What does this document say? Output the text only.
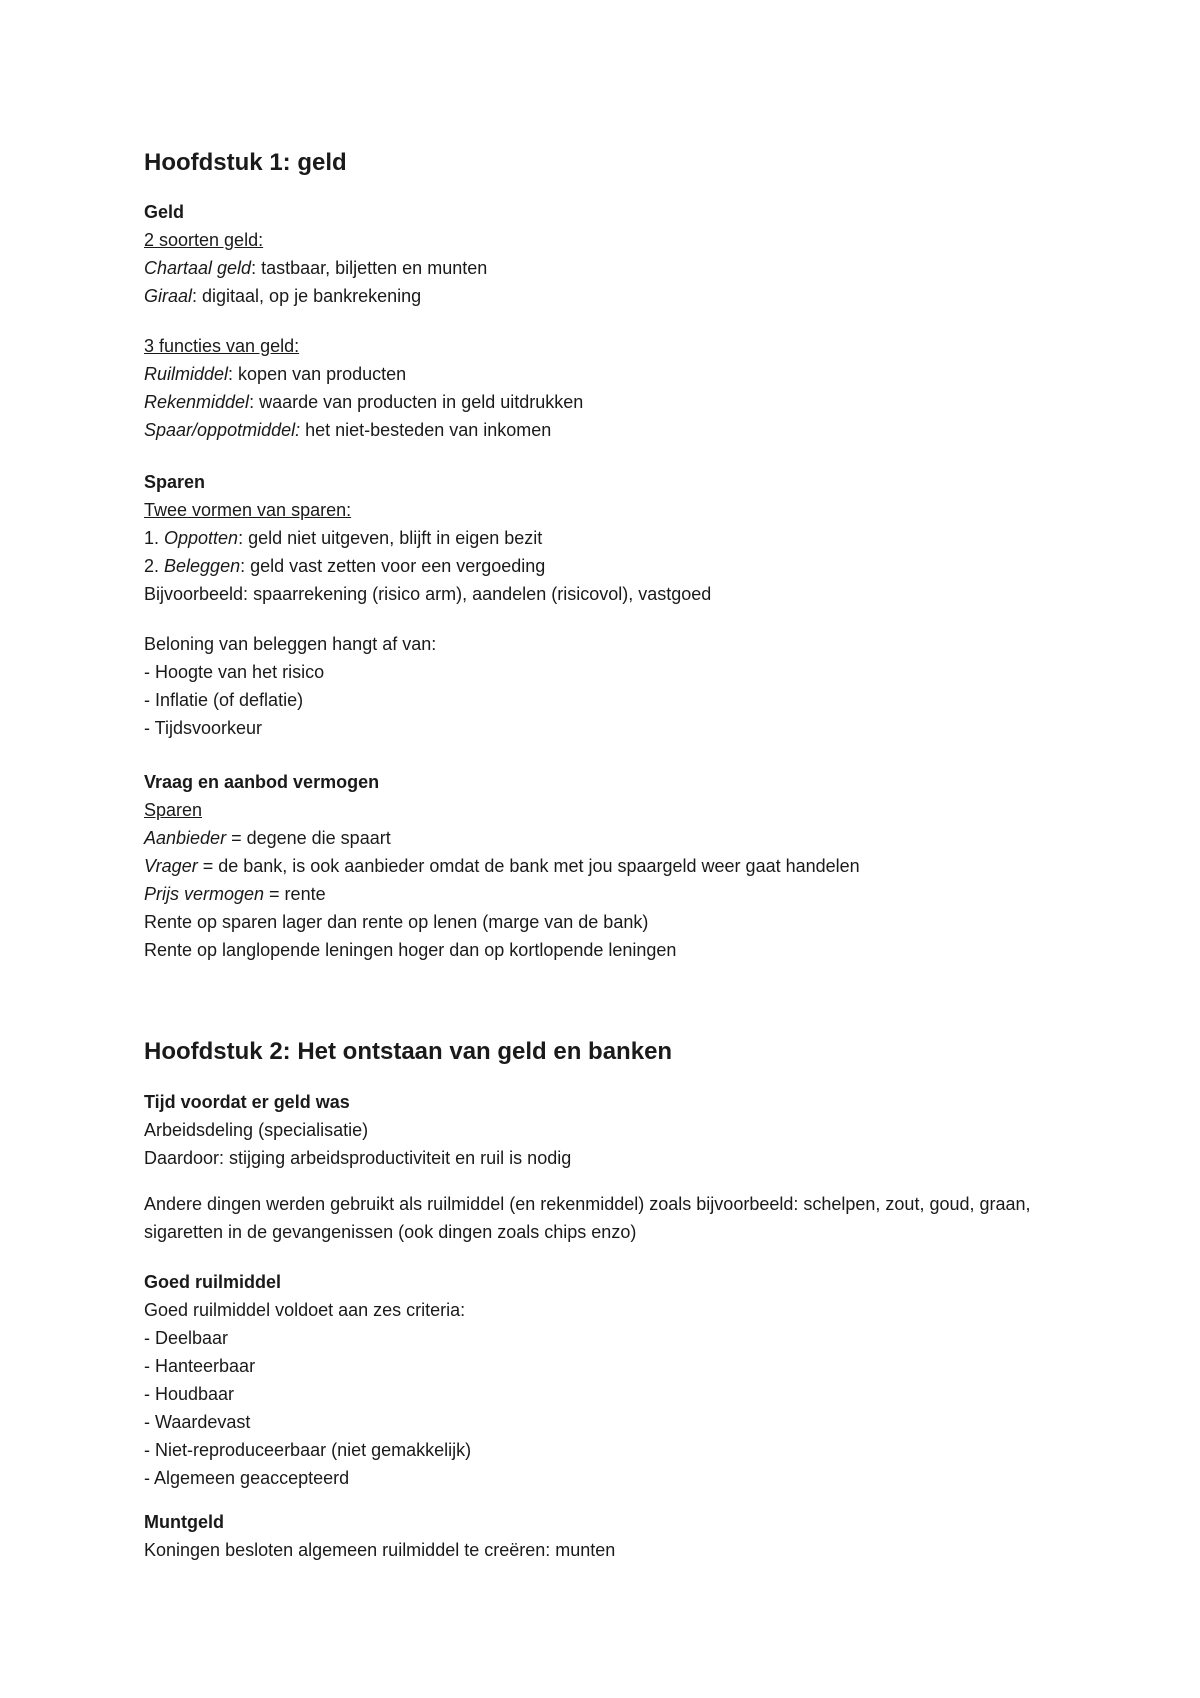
Hoofdstuk 1: geld
Geld
2 soorten geld:
Chartaal geld: tastbaar, biljetten en munten
Giraal: digitaal, op je bankrekening
3 functies van geld:
Ruilmiddel: kopen van producten
Rekenmiddel: waarde van producten in geld uitdrukken
Spaar/oppotmiddel: het niet-besteden van inkomen
Sparen
Twee vormen van sparen:
1. Oppotten: geld niet uitgeven, blijft in eigen bezit
2. Beleggen: geld vast zetten voor een vergoeding
Bijvoorbeeld: spaarrekening (risico arm), aandelen (risicovol), vastgoed
Beloning van beleggen hangt af van:
- Hoogte van het risico
- Inflatie (of deflatie)
- Tijdsvoorkeur
Vraag en aanbod vermogen
Sparen
Aanbieder = degene die spaart
Vrager = de bank, is ook aanbieder omdat de bank met jou spaargeld weer gaat handelen
Prijs vermogen = rente
Rente op sparen lager dan rente op lenen (marge van de bank)
Rente op langlopende leningen hoger dan op kortlopende leningen
Hoofdstuk 2: Het ontstaan van geld en banken
Tijd voordat er geld was
Arbeidsdeling (specialisatie)
Daardoor: stijging arbeidsproductiviteit en ruil is nodig
Andere dingen werden gebruikt als ruilmiddel (en rekenmiddel) zoals bijvoorbeeld: schelpen, zout, goud, graan, sigaretten in de gevangenissen (ook dingen zoals chips enzo)
Goed ruilmiddel
Goed ruilmiddel voldoet aan zes criteria:
- Deelbaar
- Hanteerbaar
- Houdbaar
- Waardevast
- Niet-reproduceerbaar (niet gemakkelijk)
- Algemeen geaccepteerd
Muntgeld
Koningen besloten algemeen ruilmiddel te creëren: munten
